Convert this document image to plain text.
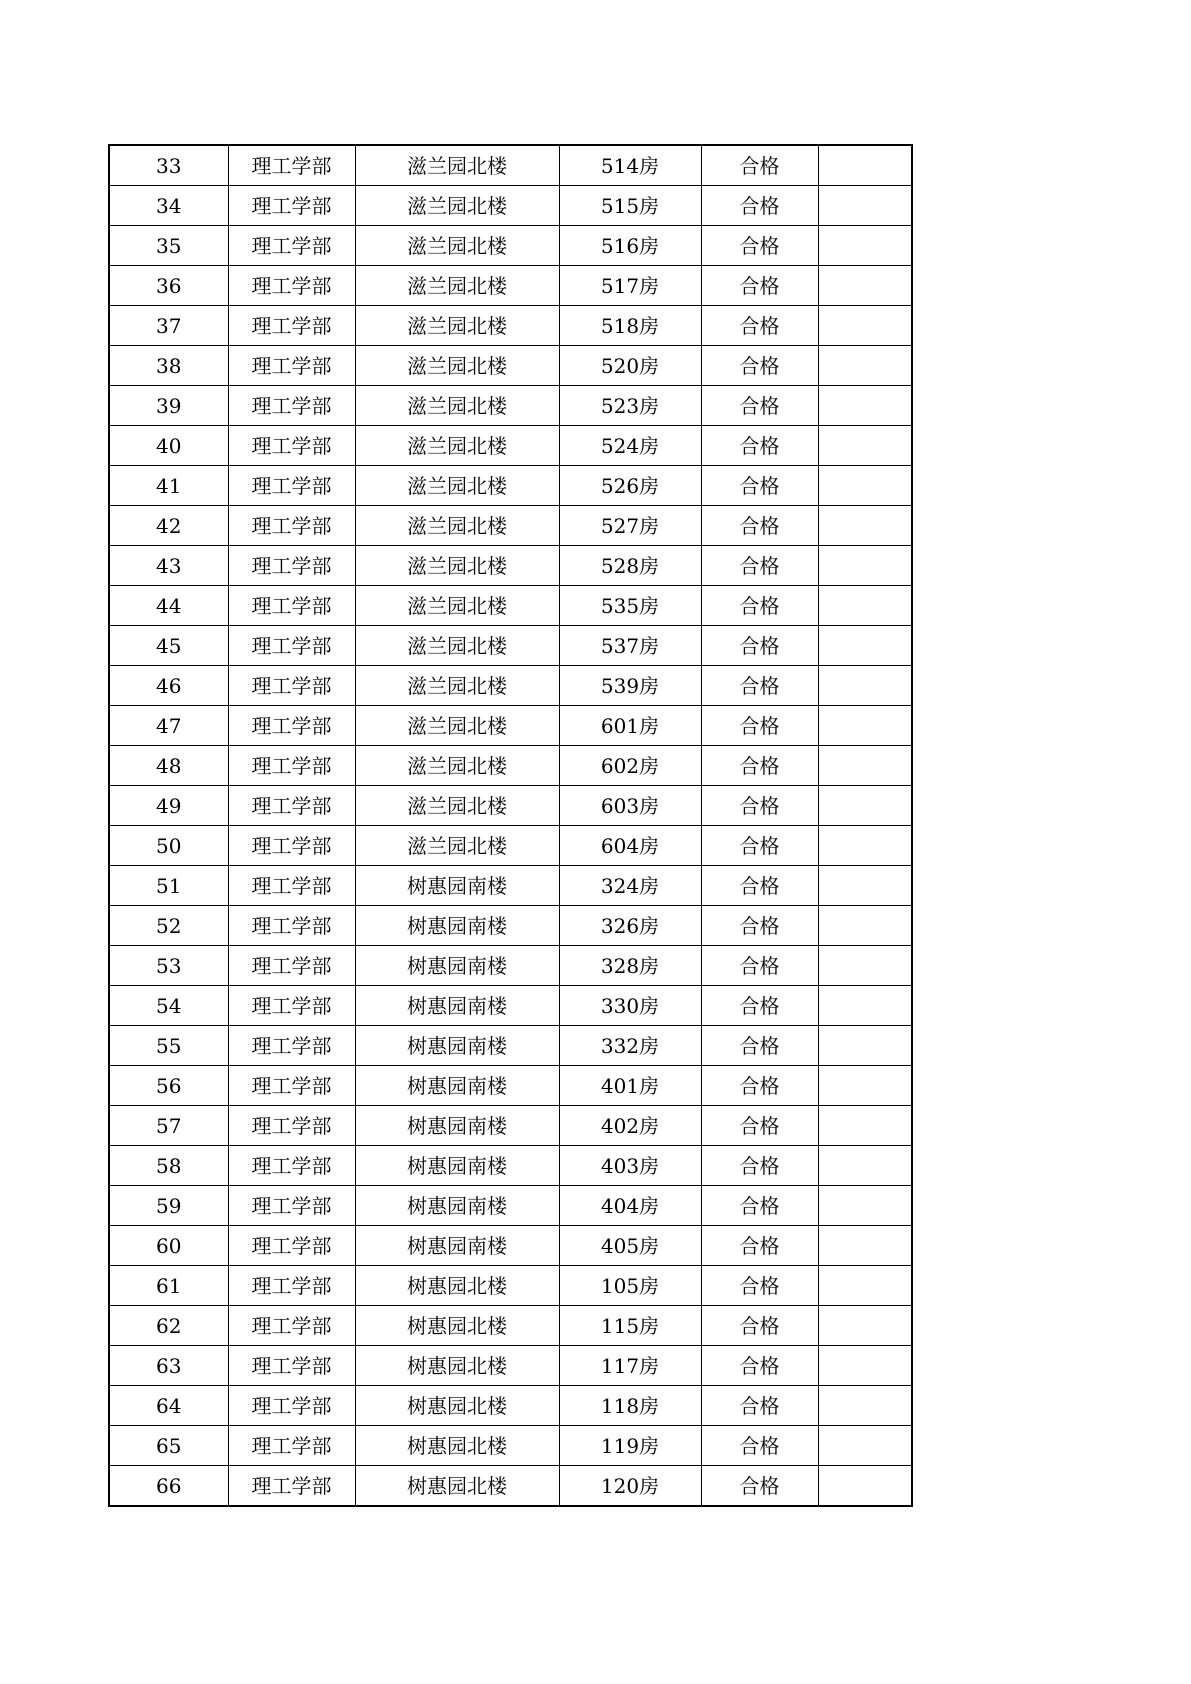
33	理工学部	滋兰园北楼	514房	合格	
34	理工学部	滋兰园北楼	515房	合格	
35	理工学部	滋兰园北楼	516房	合格	
36	理工学部	滋兰园北楼	517房	合格	
37	理工学部	滋兰园北楼	518房	合格	
38	理工学部	滋兰园北楼	520房	合格	
39	理工学部	滋兰园北楼	523房	合格	
40	理工学部	滋兰园北楼	524房	合格	
41	理工学部	滋兰园北楼	526房	合格	
42	理工学部	滋兰园北楼	527房	合格	
43	理工学部	滋兰园北楼	528房	合格	
44	理工学部	滋兰园北楼	535房	合格	
45	理工学部	滋兰园北楼	537房	合格	
46	理工学部	滋兰园北楼	539房	合格	
47	理工学部	滋兰园北楼	601房	合格	
48	理工学部	滋兰园北楼	602房	合格	
49	理工学部	滋兰园北楼	603房	合格	
50	理工学部	滋兰园北楼	604房	合格	
51	理工学部	树惠园南楼	324房	合格	
52	理工学部	树惠园南楼	326房	合格	
53	理工学部	树惠园南楼	328房	合格	
54	理工学部	树惠园南楼	330房	合格	
55	理工学部	树惠园南楼	332房	合格	
56	理工学部	树惠园南楼	401房	合格	
57	理工学部	树惠园南楼	402房	合格	
58	理工学部	树惠园南楼	403房	合格	
59	理工学部	树惠园南楼	404房	合格	
60	理工学部	树惠园南楼	405房	合格	
61	理工学部	树惠园北楼	105房	合格	
62	理工学部	树惠园北楼	115房	合格	
63	理工学部	树惠园北楼	117房	合格	
64	理工学部	树惠园北楼	118房	合格	
65	理工学部	树惠园北楼	119房	合格	
66	理工学部	树惠园北楼	120房	合格	
